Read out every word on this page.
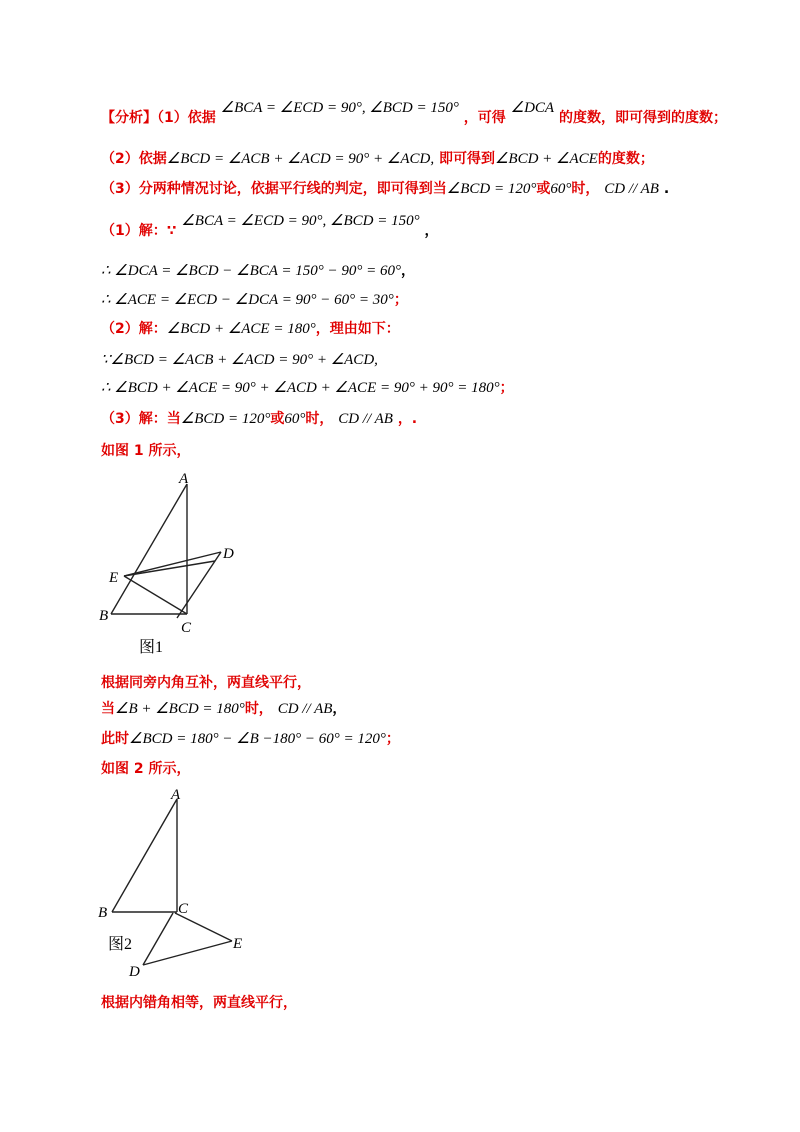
【分析】（1）依据 ∠BCA = ∠ECD = 90°, ∠BCD = 150° ，可得 ∠DCA 的度数，即可得到的度数；
（2）依据∠BCD = ∠ACB + ∠ACD = 90° + ∠ACD, 即可得到∠BCD + ∠ACE的度数；
（3）分两种情况讨论，依据平行线的判定，即可得到当∠BCD = 120°或60°时， CD // AB .
（1）解：∵ ∠BCA = ∠ECD = 90°, ∠BCD = 150° ，
∴ ∠DCA = ∠BCD − ∠BCA = 150° − 90° = 60°，
∴ ∠ACE = ∠ECD − ∠DCA = 90° − 60° = 30°；
（2）解：∠BCD + ∠ACE = 180°，理由如下：
∵∠BCD = ∠ACB + ∠ACD = 90° + ∠ACD,
∴ ∠BCD + ∠ACE = 90° + ∠ACD + ∠ACE = 90° + 90° = 180°；
（3）解：当∠BCD = 120°或60°时， CD // AB ，.
如图 1 所示，
A
B
C
D
E
图1
根据同旁内角互补，两直线平行，
当∠B + ∠BCD = 180°时， CD // AB，
此时∠BCD = 180° − ∠B −180° − 60° = 120°；
如图 2 所示，
A
B	C
D
E
图2
根据内错角相等，两直线平行，
